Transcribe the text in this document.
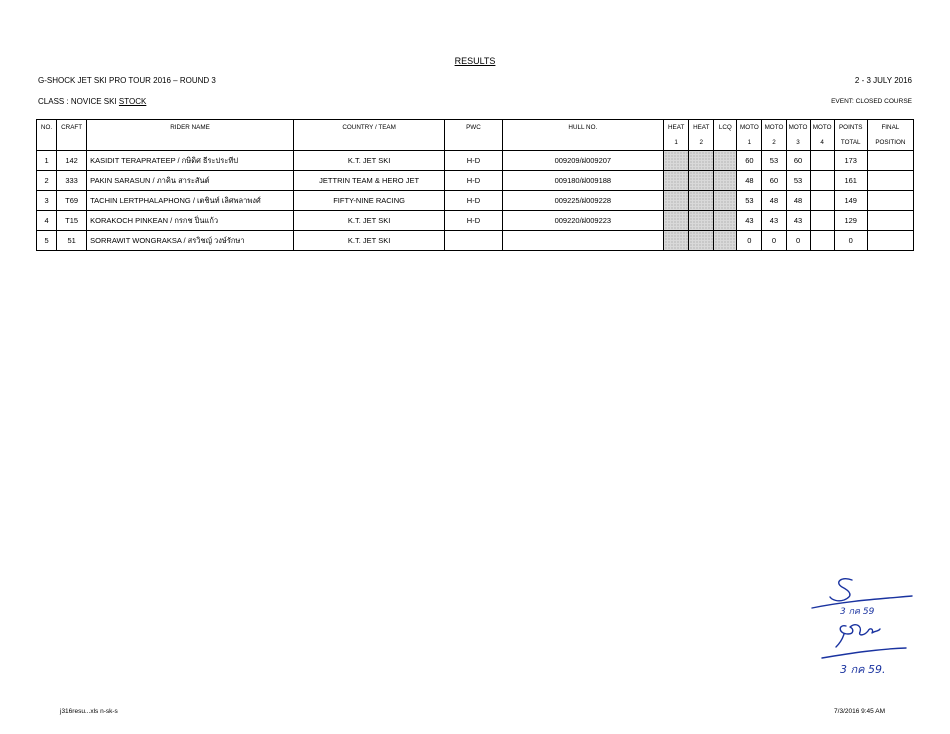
RESULTS
G-SHOCK JET SKI PRO TOUR 2016 – ROUND 3	2 - 3 JULY 2016
CLASS : NOVICE SKI STOCK	EVENT: CLOSED COURSE
NO.	CRAFT	RIDER NAME	COUNTRY / TEAM	PWC	HULL NO.	HEAT	HEAT	LCQ	MOTO	MOTO	MOTO	MOTO	POINTS	FINAL
						1	2		1	2	3	4	TOTAL	POSITION
1	142	KASIDIT TERAPRATEEP / กษิดิศ ธีระประทีป	K.T. JET SKI	H-D	009209/ฝ009207				60	53	60		173	
2	333	PAKIN SARASUN / ภาคิน สาระสันต์	JETTRIN TEAM & HERO JET	H-D	009180/ฝ009188				48	60	53		161	
3	T69	TACHIN LERTPHALAPHONG / เตชินท์ เลิศพลาพงศ์	FIFTY-NINE RACING	H-D	009225/ฝ009228				53	48	48		149	
4	T15	KORAKOCH PINKEAN / กรกช ปิ่นแก้ว	K.T. JET SKI	H-D	009220/ฝ009223				43	43	43		129	
5	51	SORRAWIT WONGRAKSA / สรวิชญ์ วงษ์รักษา	K.T. JET SKI						0	0	0		0	
3 กค 59
3 กค 59.
j316resu...xls n-sk-s	7/3/2016 9:45 AM
